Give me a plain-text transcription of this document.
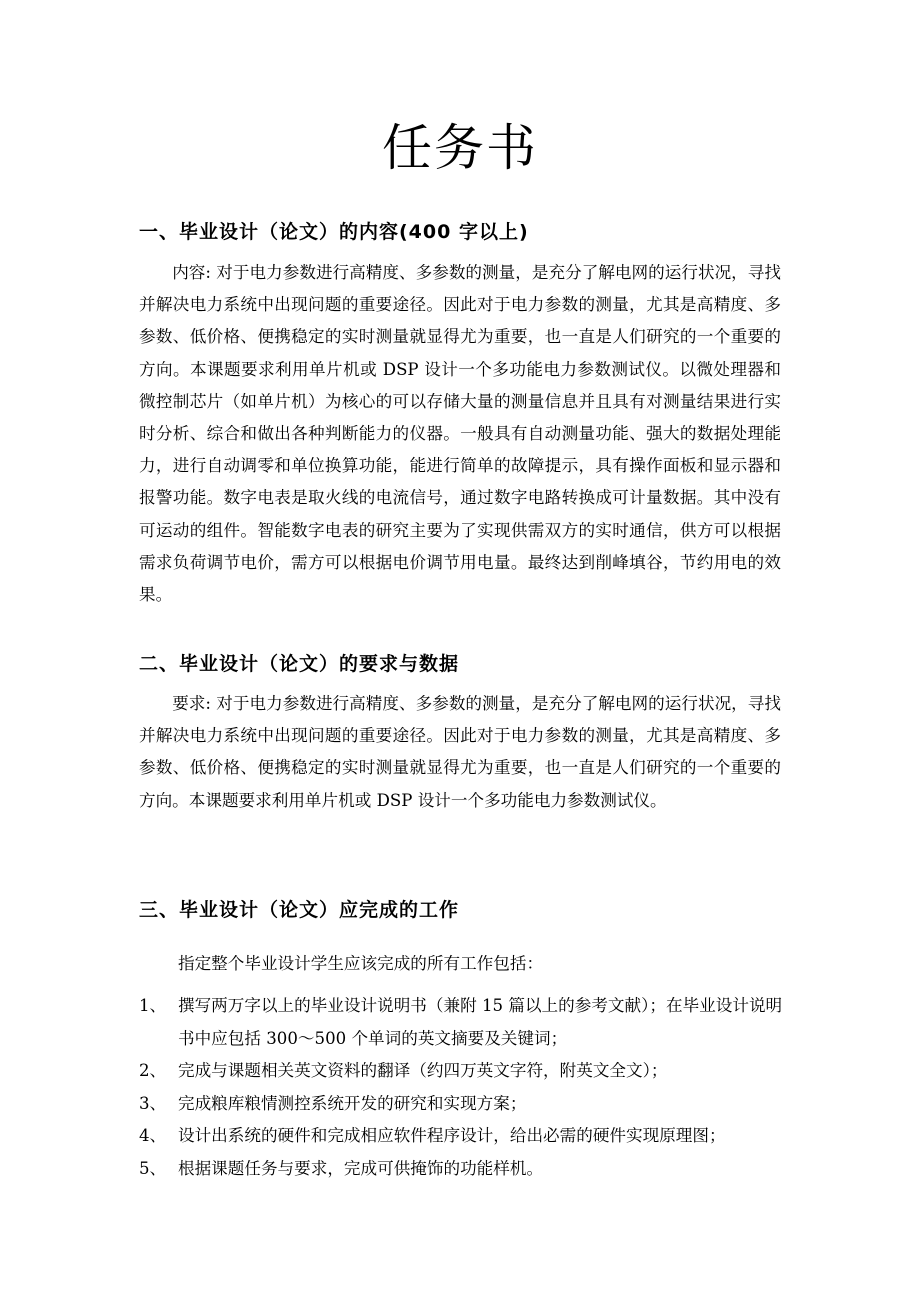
任务书
一、毕业设计（论文）的内容(400 字以上)

内容: 对于电力参数进行高精度、多参数的测量，是充分了解电网的运行状况，寻找并解决电力系统中出现问题的重要途径。因此对于电力参数的测量，尤其是高精度、多参数、低价格、便携稳定的实时测量就显得尤为重要，也一直是人们研究的一个重要的方向。本课题要求利用单片机或 DSP 设计一个多功能电力参数测试仪。以微处理器和微控制芯片（如单片机）为核心的可以存储大量的测量信息并且具有对测量结果进行实时分析、综合和做出各种判断能力的仪器。一般具有自动测量功能、强大的数据处理能力，进行自动调零和单位换算功能，能进行简单的故障提示，具有操作面板和显示器和报警功能。数字电表是取火线的电流信号，通过数字电路转换成可计量数据。其中没有可运动的组件。智能数字电表的研究主要为了实现供需双方的实时通信，供方可以根据需求负荷调节电价，需方可以根据电价调节用电量。最终达到削峰填谷，节约用电的效果。

二、毕业设计（论文）的要求与数据

要求: 对于电力参数进行高精度、多参数的测量，是充分了解电网的运行状况，寻找并解决电力系统中出现问题的重要途径。因此对于电力参数的测量，尤其是高精度、多参数、低价格、便携稳定的实时测量就显得尤为重要，也一直是人们研究的一个重要的方向。本课题要求利用单片机或 DSP 设计一个多功能电力参数测试仪。

三、毕业设计（论文）应完成的工作

指定整个毕业设计学生应该完成的所有工作包括：

1、 撰写两万字以上的毕业设计说明书（兼附 15 篇以上的参考文献）；在毕业设计说明书中应包括 300～500 个单词的英文摘要及关键词；
2、 完成与课题相关英文资料的翻译（约四万英文字符，附英文全文）；
3、 完成粮库粮情测控系统开发的研究和实现方案；
4、 设计出系统的硬件和完成相应软件程序设计，给出必需的硬件实现原理图；
5、 根据课题任务与要求，完成可供掩饰的功能样机。
